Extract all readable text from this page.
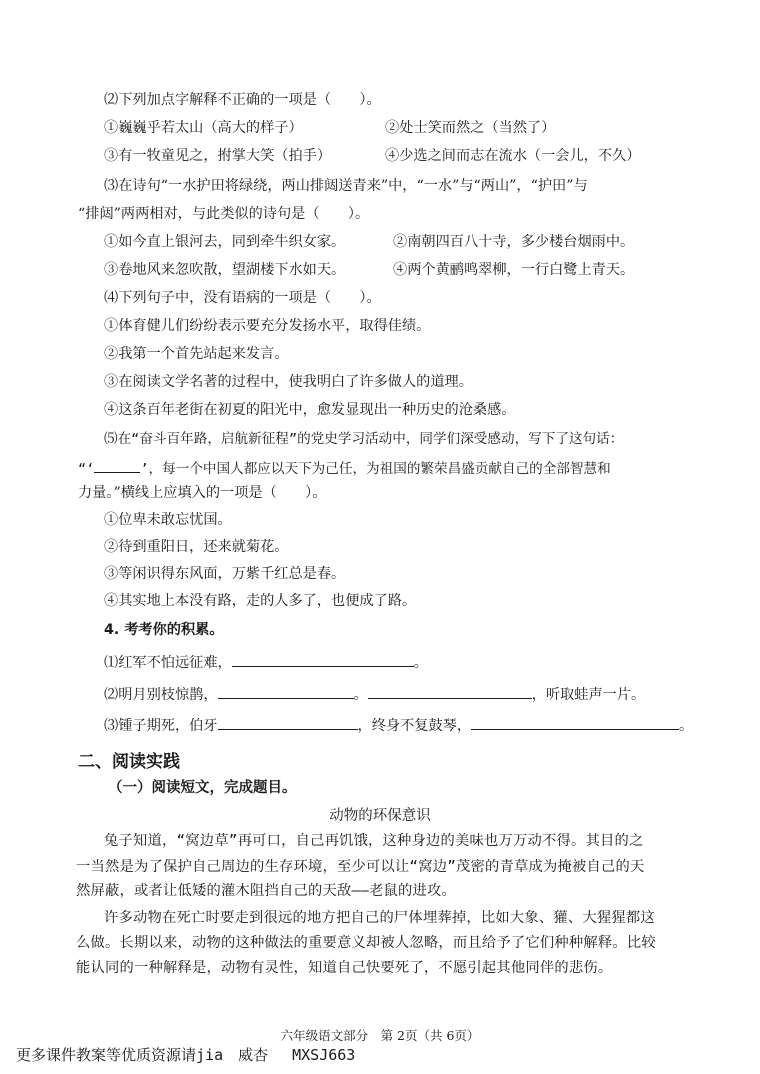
⑵下列加点字解释不正确的一项是（　　）。
①巍巍乎若太山（高大的样子）	②处士笑而然之（当然了）
③有一牧童见之，拊掌大笑（拍手）	④少选之间而志在流水（一会儿，不久）
⑶在诗句“一水护田将绿绕，两山排闼送青来”中，“一水”与“两山”，“护田”与
“排闼”两两相对，与此类似的诗句是（　　）。
①如今直上银河去，同到牵牛织女家。	②南朝四百八十寺，多少楼台烟雨中。
③卷地风来忽吹散，望湖楼下水如天。	④两个黄鹂鸣翠柳，一行白鹭上青天。
⑷下列句子中，没有语病的一项是（　　）。
①体育健儿们纷纷表示要充分发扬水平，取得佳绩。
②我第一个首先站起来发言。
③在阅读文学名著的过程中，使我明白了许多做人的道理。
④这条百年老街在初夏的阳光中，愈发显现出一种历史的沧桑感。
⑸在“奋斗百年路，启航新征程”的党史学习活动中，同学们深受感动，写下了这句话：
“‘	’，每一个中国人都应以天下为己任，为祖国的繁荣昌盛贡献自己的全部智慧和
力量。”横线上应填入的一项是（　　）。
①位卑未敢忘忧国。
②待到重阳日，还来就菊花。
③等闲识得东风面，万紫千红总是春。
④其实地上本没有路，走的人多了，也便成了路。
4. 考考你的积累。
⑴红军不怕远征难，	。
⑵明月别枝惊鹊，	。	，听取蛙声一片。
⑶锺子期死，伯牙	，终身不复鼓琴，	。
二、阅读实践
（一）阅读短文，完成题目。
动物的环保意识
兔子知道，“窝边草”再可口，自己再饥饿，这种身边的美味也万万动不得。其目的之
一当然是为了保护自己周边的生存环境，至少可以让“窝边”茂密的青草成为掩被自己的天
然屏蔽，或者让低矮的灌木阻挡自己的天敌——老鼠的进攻。
许多动物在死亡时要走到很远的地方把自己的尸体埋葬掉，比如大象、獾、大猩猩都这
么做。长期以来，动物的这种做法的重要意义却被人忽略，而且给予了它们种种解释。比较
能认同的一种解释是，动物有灵性，知道自己快要死了，不愿引起其他同伴的悲伤。
六年级语文部分　第 2页（共 6页）
更多课件教案等优质资源请jia　威杏　 MXSJ663
